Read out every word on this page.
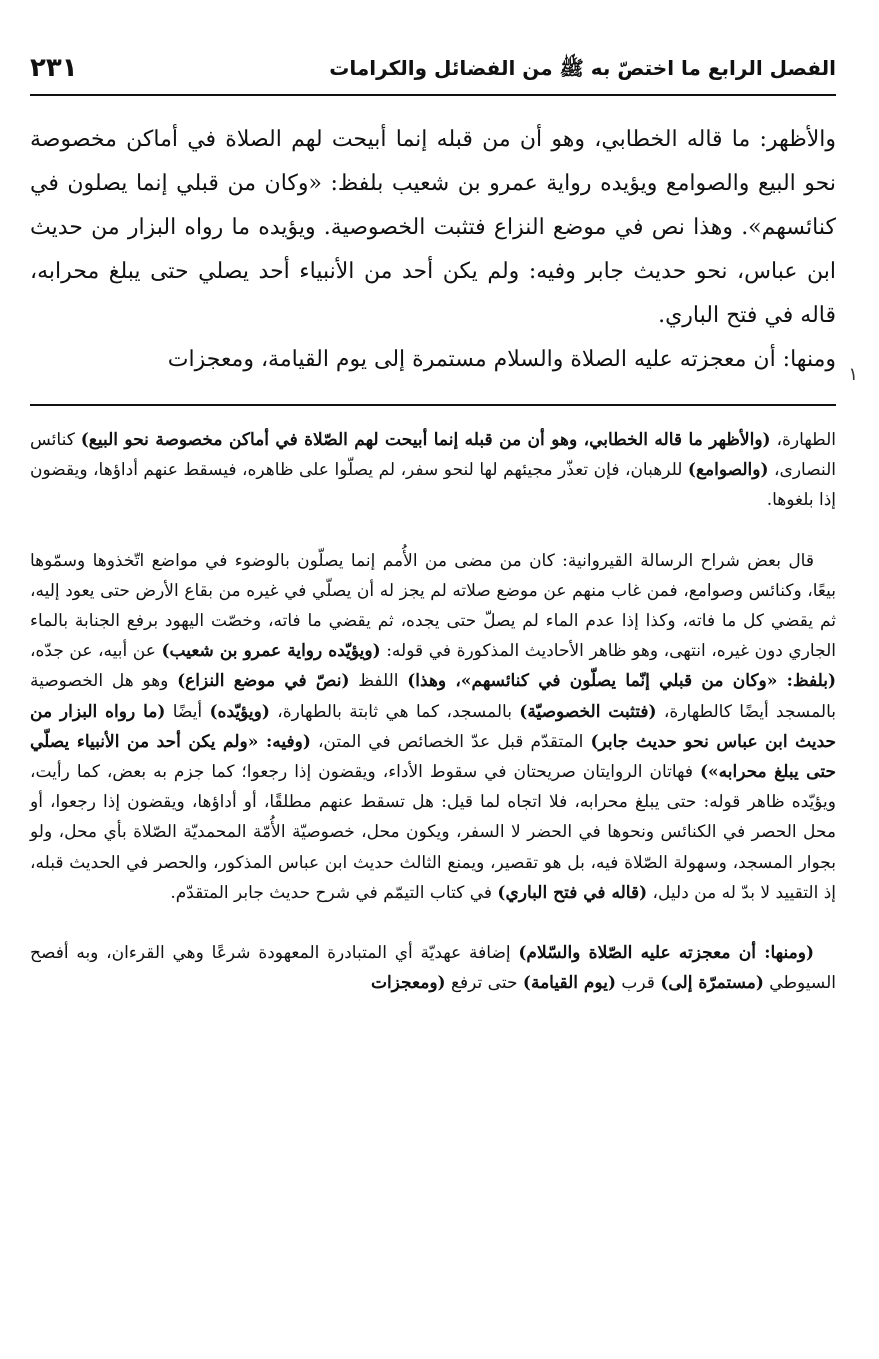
الفصل الرابع ما اختصّ به ﷺ من الفضائل والكرامات
٢٣١

والأظهر: ما قاله الخطابي، وهو أن من قبله إنما أبيحت لهم الصلاة في أماكن مخصوصة نحو البيع والصوامع ويؤيده رواية عمرو بن شعيب بلفظ: «وكان من قبلي إنما يصلون في كنائسهم». وهذا نص في موضع النزاع فتثبت الخصوصية. ويؤيده ما رواه البزار من حديث ابن عباس، نحو حديث جابر وفيه: ولم يكن أحد من الأنبياء أحد يصلي حتى يبلغ محرابه، قاله في فتح الباري.

ومنها: أن معجزته عليه الصلاة والسلام مستمرة إلى يوم القيامة، ومعجزات

١

الطهارة، (والأظهر ما قاله الخطابي، وهو أن من قبله إنما أبيحت لهم الصّلاة في أماكن مخصوصة نحو البيع) كنائس النصارى، (والصوامع) للرهبان، فإن تعذّر مجيئهم لها لنحو سفر، لم يصلّوا على ظاهره، فيسقط عنهم أداؤها، ويقضون إذا بلغوها.

قال بعض شراح الرسالة القيروانية: كان من مضى من الأُمم إنما يصلّون بالوضوء في مواضع اتّخذوها وسمّوها بيعًا، وكنائس وصوامع، فمن غاب منهم عن موضع صلاته لم يجز له أن يصلّي في غيره من بقاع الأرض حتى يعود إليه، ثم يقضي كل ما فاته، وكذا إذا عدم الماء لم يصلّ حتى يجده، ثم يقضي ما فاته، وخصّت اليهود برفع الجنابة بالماء الجاري دون غيره، انتهى، وهو ظاهر الأحاديث المذكورة في قوله: (ويؤيّده رواية عمرو بن شعيب) عن أبيه، عن جدّه، (بلفظ: «وكان من قبلي إنّما يصلّون في كنائسهم»، وهذا) اللفظ (نصّ في موضع النزاع) وهو هل الخصوصية بالمسجد أيضًا كالطهارة، (فتثبت الخصوصيّة) بالمسجد، كما هي ثابتة بالطهارة، (ويؤيّده) أيضًا (ما رواه البزار من حديث ابن عباس نحو حديث جابر) المتقدّم قبل عدّ الخصائص في المتن، (وفيه: «ولم يكن أحد من الأنبياء يصلّي حتى يبلغ محرابه») فهاتان الروايتان صريحتان في سقوط الأداء، ويقضون إذا رجعوا؛ كما جزم به بعض، كما رأيت، ويؤيّده ظاهر قوله: حتى يبلغ محرابه، فلا اتجاه لما قيل: هل تسقط عنهم مطلقًا، أو أداؤها، ويقضون إذا رجعوا، أو محل الحصر في الكنائس ونحوها في الحضر لا السفر، ويكون محل، خصوصيّة الأُمّة المحمديّة الصّلاة بأي محل، ولو بجوار المسجد، وسهولة الصّلاة فيه، بل هو تقصير، ويمنع الثالث حديث ابن عباس المذكور، والحصر في الحديث قبله، إذ التقييد لا بدّ له من دليل، (قاله في فتح الباري) في كتاب التيمّم في شرح حديث جابر المتقدّم.

(ومنها: أن معجزته عليه الصّلاة والسّلام) إضافة عهديّة أي المتبادرة المعهودة شرعًا وهي القرءان، وبه أفصح السيوطي (مستمرّة إلى) قرب (يوم القيامة) حتى ترفع (ومعجزات
